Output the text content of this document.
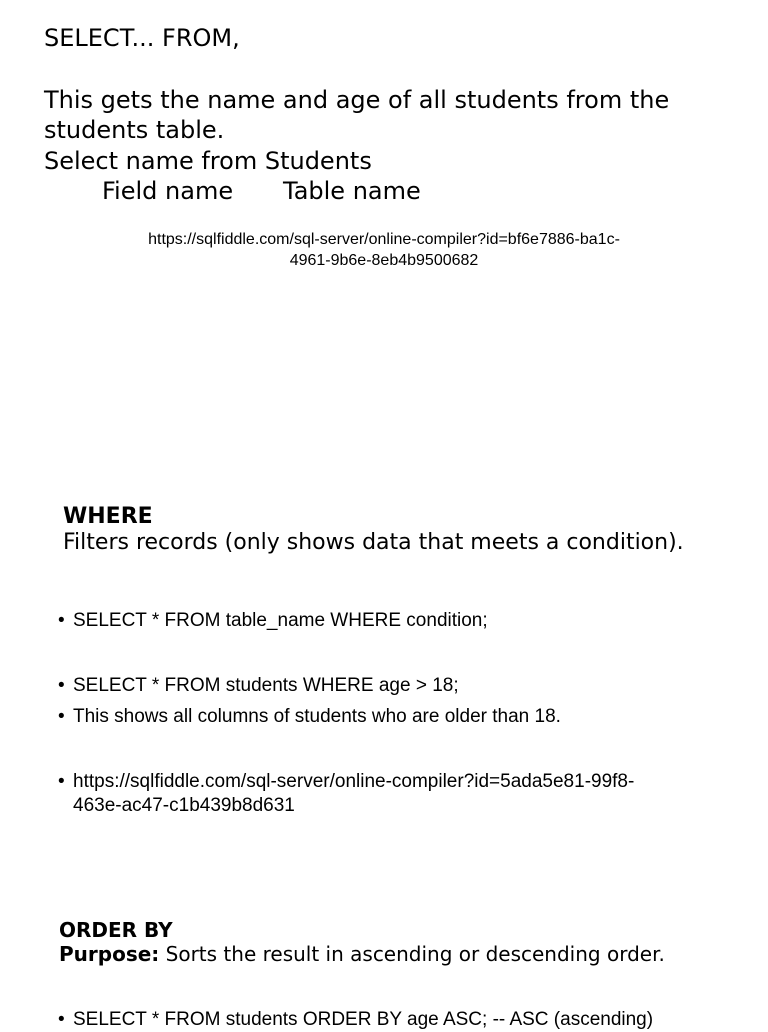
SELECT... FROM,
This gets the name and age of all students from the
students table.
Select name from Students
Field name Table name
https://sqlfiddle.com/sql-server/online-compiler?id=bf6e7886-ba1c-
4961-9b6e-8eb4b9500682
WHERE
Filters records (only shows data that meets a condition).
• SELECT * FROM table_name WHERE condition;
• SELECT * FROM students WHERE age > 18;
• This shows all columns of students who are older than 18.
• https://sqlfiddle.com/sql-server/online-compiler?id=5ada5e81-99f8-
463e-ac47-c1b439b8d631
ORDER BY
Purpose: Sorts the result in ascending or descending order.
• SELECT * FROM students ORDER BY age ASC; -- ASC (ascending)
